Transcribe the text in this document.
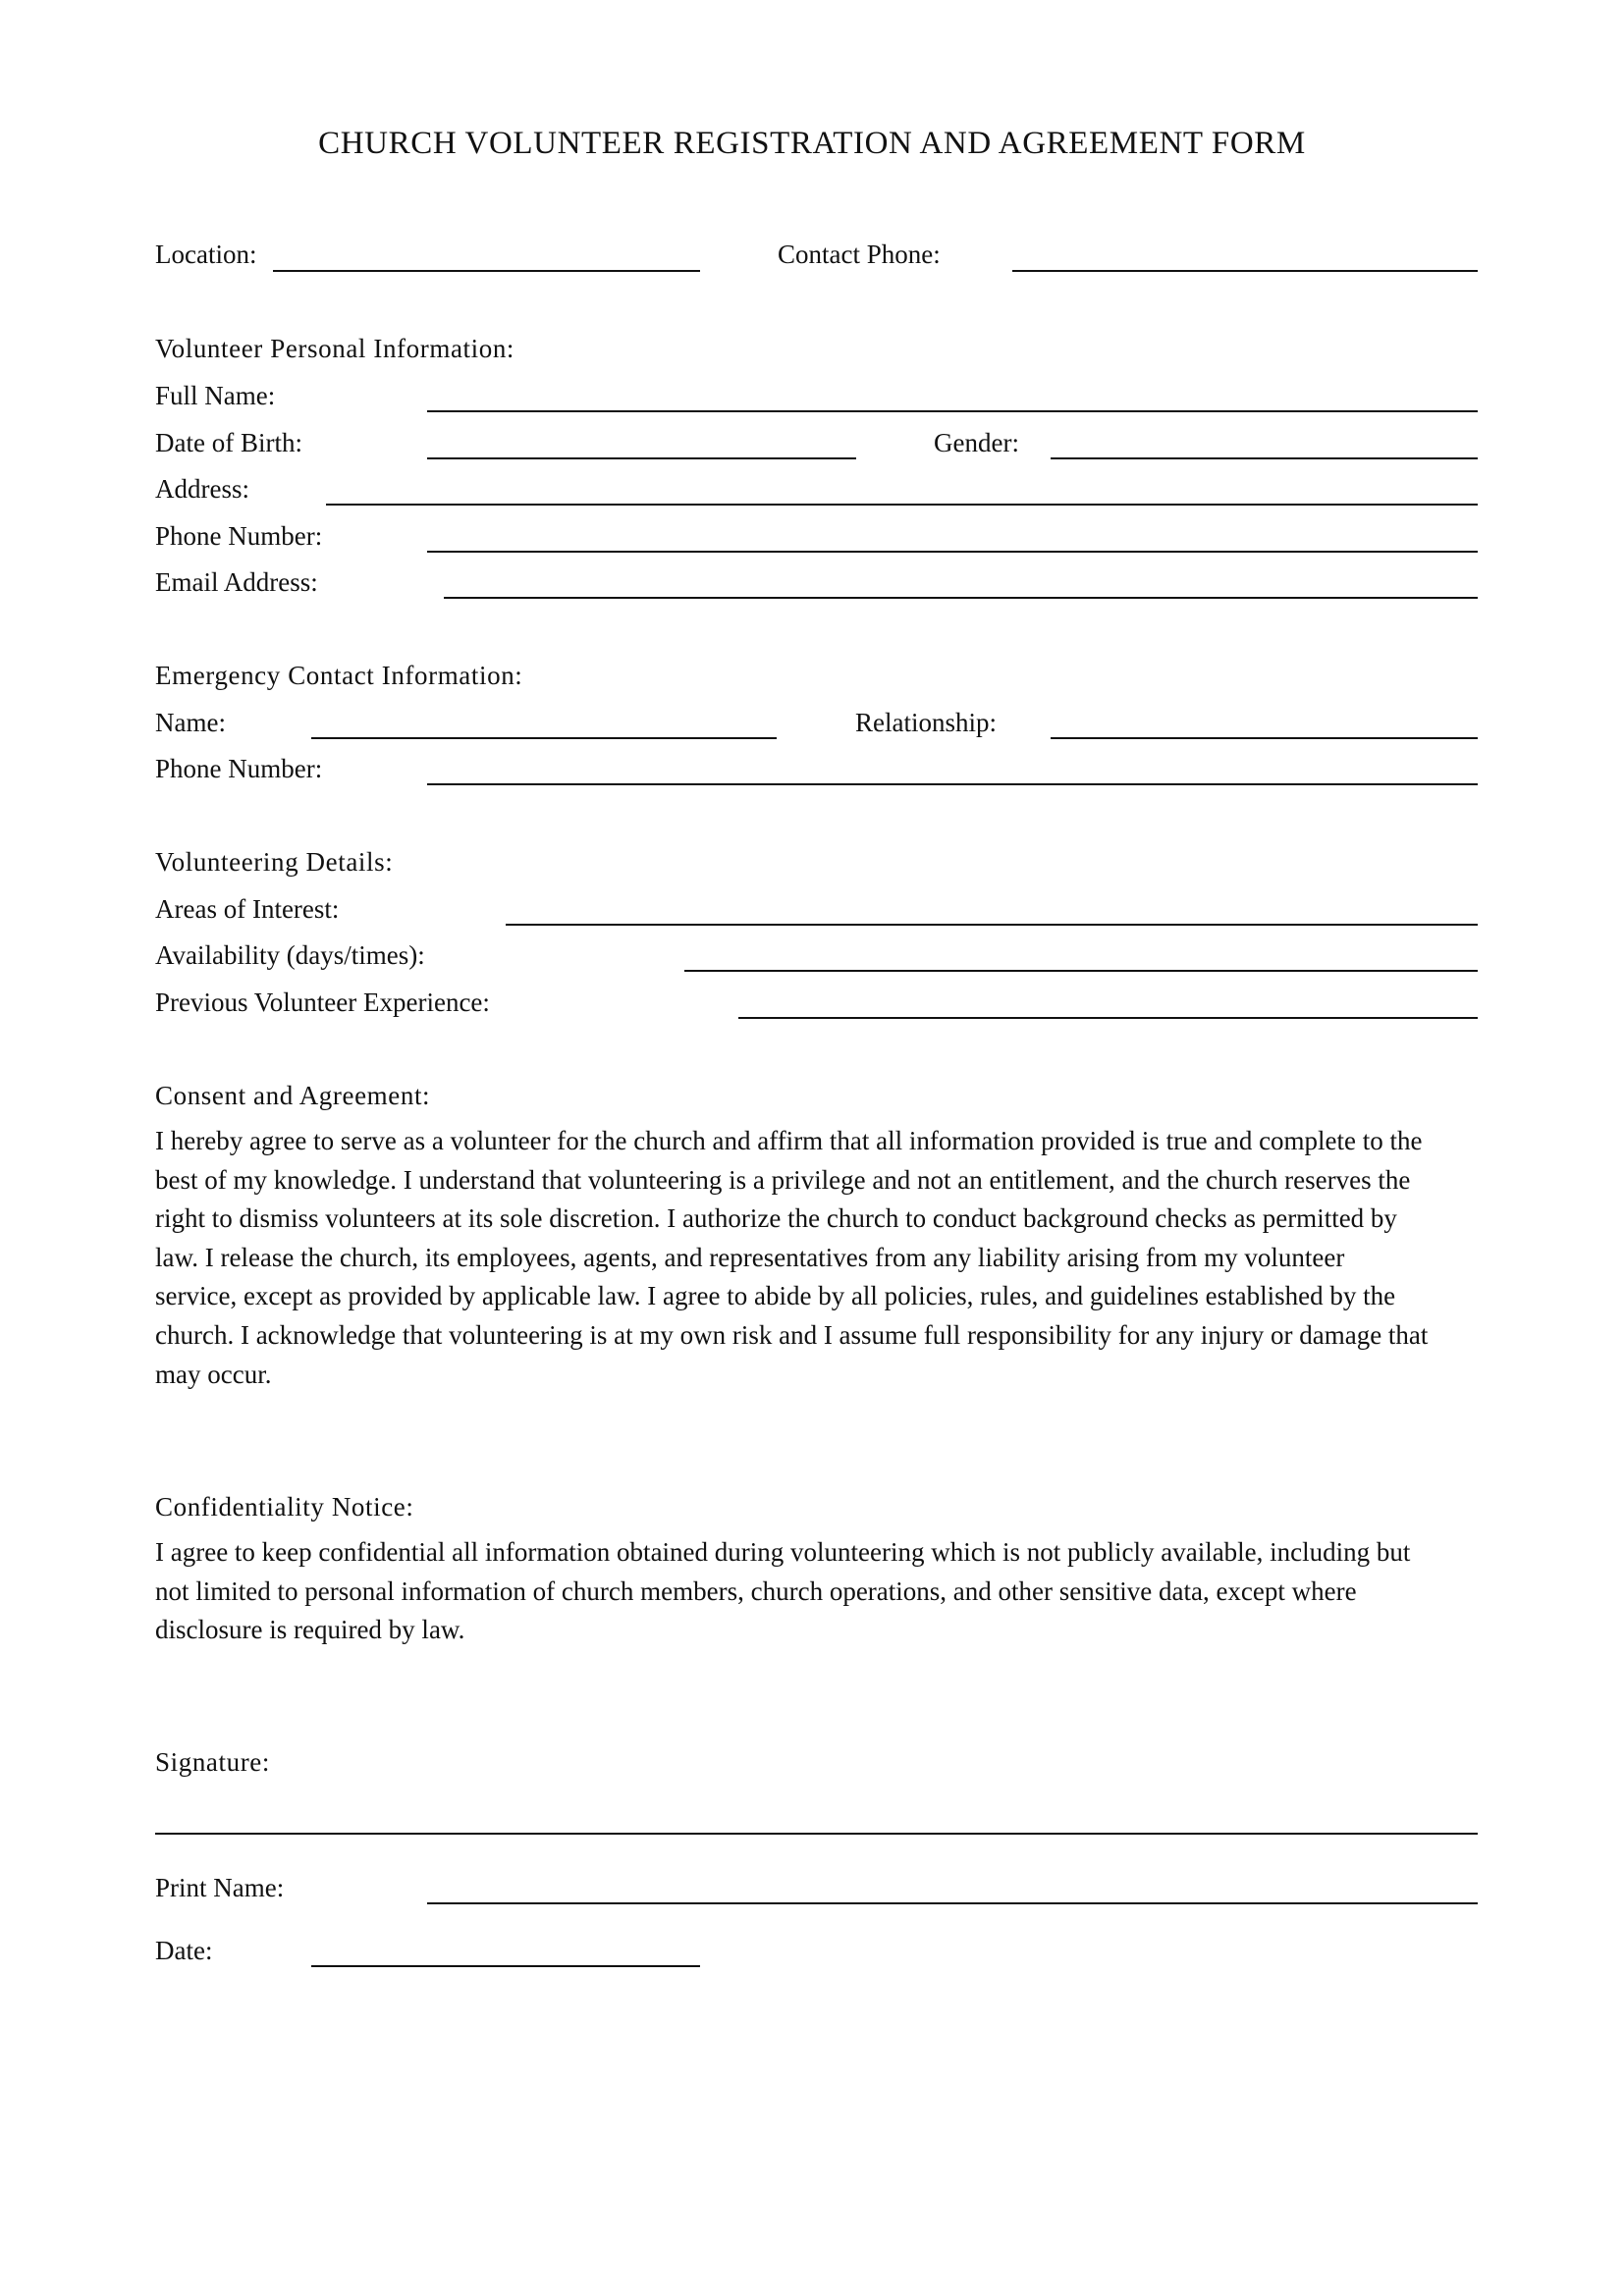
CHURCH VOLUNTEER REGISTRATION AND AGREEMENT FORM
Location:	Contact Phone:
Volunteer Personal Information:
Full Name:
Date of Birth:	Gender:
Address:
Phone Number:
Email Address:
Emergency Contact Information:
Name:	Relationship:
Phone Number:
Volunteering Details:
Areas of Interest:
Availability (days/times):
Previous Volunteer Experience:
Consent and Agreement:
I hereby agree to serve as a volunteer for the church and affirm that all information provided is true and complete to the
best of my knowledge. I understand that volunteering is a privilege and not an entitlement, and the church reserves the
right to dismiss volunteers at its sole discretion. I authorize the church to conduct background checks as permitted by
law. I release the church, its employees, agents, and representatives from any liability arising from my volunteer
service, except as provided by applicable law. I agree to abide by all policies, rules, and guidelines established by the
church. I acknowledge that volunteering is at my own risk and I assume full responsibility for any injury or damage that
may occur.
Confidentiality Notice:
I agree to keep confidential all information obtained during volunteering which is not publicly available, including but
not limited to personal information of church members, church operations, and other sensitive data, except where
disclosure is required by law.
Signature:
Print Name:
Date:
